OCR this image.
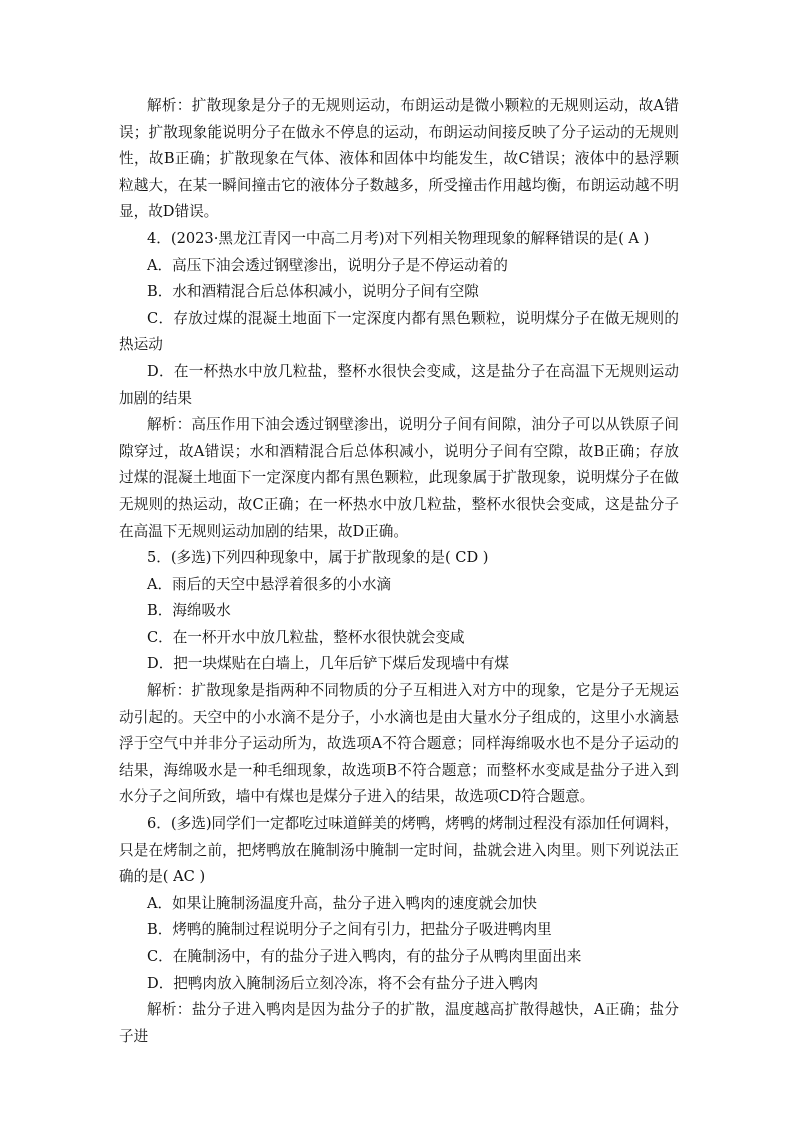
解析：扩散现象是分子的无规则运动，布朗运动是微小颗粒的无规则运动，故A错误；扩散现象能说明分子在做永不停息的运动，布朗运动间接反映了分子运动的无规则性，故B正确；扩散现象在气体、液体和固体中均能发生，故C错误；液体中的悬浮颗粒越大，在某一瞬间撞击它的液体分子数越多，所受撞击作用越均衡，布朗运动越不明显，故D错误。

4．(2023·黑龙江青冈一中高二月考)对下列相关物理现象的解释错误的是( A )

A．高压下油会透过钢壁渗出，说明分子是不停运动着的

B．水和酒精混合后总体积减小，说明分子间有空隙

C．存放过煤的混凝土地面下一定深度内都有黑色颗粒，说明煤分子在做无规则的热运动

D．在一杯热水中放几粒盐，整杯水很快会变咸，这是盐分子在高温下无规则运动加剧的结果

解析：高压作用下油会透过钢壁渗出，说明分子间有间隙，油分子可以从铁原子间隙穿过，故A错误；水和酒精混合后总体积减小，说明分子间有空隙，故B正确；存放过煤的混凝土地面下一定深度内都有黑色颗粒，此现象属于扩散现象，说明煤分子在做无规则的热运动，故C正确；在一杯热水中放几粒盐，整杯水很快会变咸，这是盐分子在高温下无规则运动加剧的结果，故D正确。

5．(多选)下列四种现象中，属于扩散现象的是( CD )

A．雨后的天空中悬浮着很多的小水滴

B．海绵吸水

C．在一杯开水中放几粒盐，整杯水很快就会变咸

D．把一块煤贴在白墙上，几年后铲下煤后发现墙中有煤

解析：扩散现象是指两种不同物质的分子互相进入对方中的现象，它是分子无规运动引起的。天空中的小水滴不是分子，小水滴也是由大量水分子组成的，这里小水滴悬浮于空气中并非分子运动所为，故选项A不符合题意；同样海绵吸水也不是分子运动的结果，海绵吸水是一种毛细现象，故选项B不符合题意；而整杯水变咸是盐分子进入到水分子之间所致，墙中有煤也是煤分子进入的结果，故选项CD符合题意。

6．(多选)同学们一定都吃过味道鲜美的烤鸭，烤鸭的烤制过程没有添加任何调料，只是在烤制之前，把烤鸭放在腌制汤中腌制一定时间，盐就会进入肉里。则下列说法正确的是( AC )

A．如果让腌制汤温度升高，盐分子进入鸭肉的速度就会加快

B．烤鸭的腌制过程说明分子之间有引力，把盐分子吸进鸭肉里

C．在腌制汤中，有的盐分子进入鸭肉，有的盐分子从鸭肉里面出来

D．把鸭肉放入腌制汤后立刻冷冻，将不会有盐分子进入鸭肉

解析：盐分子进入鸭肉是因为盐分子的扩散，温度越高扩散得越快，A正确；盐分子进
